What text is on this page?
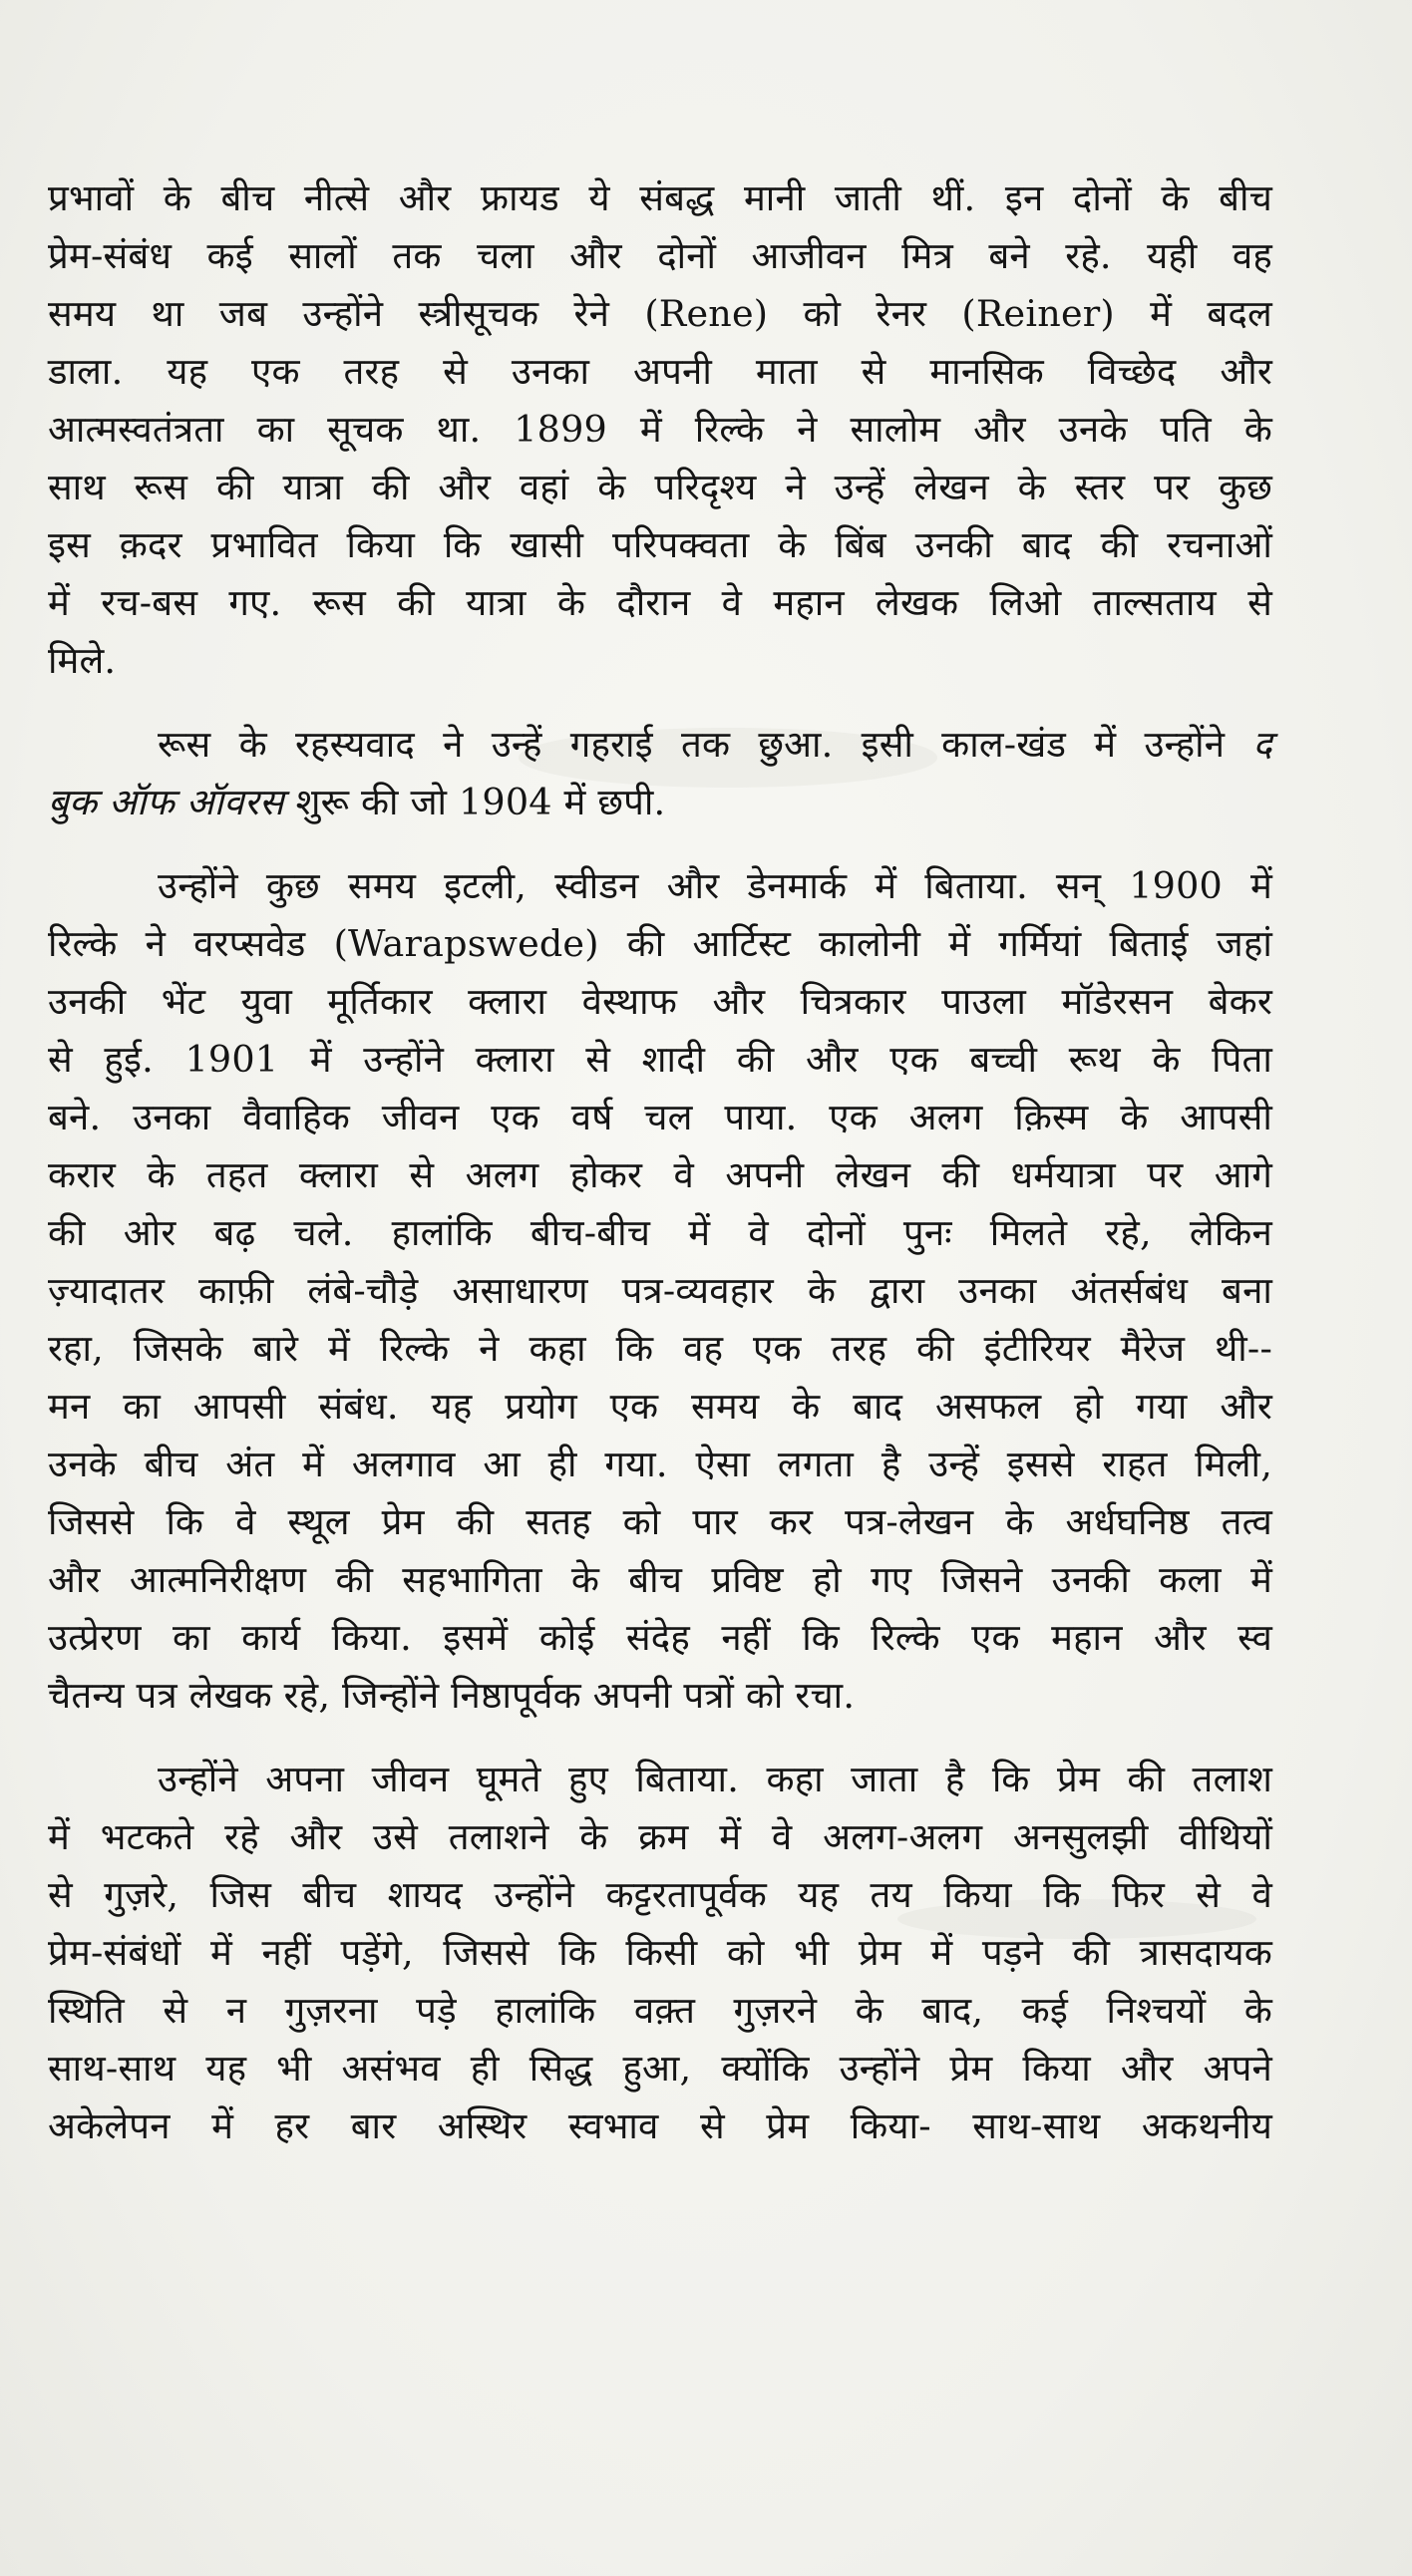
प्रभावों के बीच नीत्से और फ्रायड ये संबद्ध मानी जाती थीं. इन दोनों के बीच
प्रेम-संबंध कई सालों तक चला और दोनों आजीवन मित्र बने रहे. यही वह
समय था जब उन्होंने स्त्रीसूचक रेने (Rene) को रेनर (Reiner) में बदल
डाला. यह एक तरह से उनका अपनी माता से मानसिक विच्छेद और
आत्मस्वतंत्रता का सूचक था. 1899 में रिल्के ने सालोम और उनके पति के
साथ रूस की यात्रा की और वहां के परिदृश्य ने उन्हें लेखन के स्तर पर कुछ
इस क़दर प्रभावित किया कि खासी परिपक्वता के बिंब उनकी बाद की रचनाओं
में रच-बस गए. रूस की यात्रा के दौरान वे महान लेखक लिओ ताल्सताय से
मिले.

रूस के रहस्यवाद ने उन्हें गहराई तक छुआ. इसी काल-खंड में उन्होंने द
बुक ऑफ ऑवरस शुरू की जो 1904 में छपी.

उन्होंने कुछ समय इटली, स्वीडन और डेनमार्क में बिताया. सन् 1900 में
रिल्के ने वरप्सवेड (Warapswede) की आर्टिस्ट कालोनी में गर्मियां बिताई जहां
उनकी भेंट युवा मूर्तिकार क्लारा वेस्थाफ और चित्रकार पाउला मॉडेरसन बेकर
से हुई. 1901 में उन्होंने क्लारा से शादी की और एक बच्ची रूथ के पिता
बने. उनका वैवाहिक जीवन एक वर्ष चल पाया. एक अलग क़िस्म के आपसी
करार के तहत क्लारा से अलग होकर वे अपनी लेखन की धर्मयात्रा पर आगे
की ओर बढ़ चले. हालांकि बीच-बीच में वे दोनों पुनः मिलते रहे, लेकिन
ज़्यादातर काफ़ी लंबे-चौड़े असाधारण पत्र-व्यवहार के द्वारा उनका अंतर्सबंध बना
रहा, जिसके बारे में रिल्के ने कहा कि वह एक तरह की इंटीरियर मैरेज थी--
मन का आपसी संबंध. यह प्रयोग एक समय के बाद असफल हो गया और
उनके बीच अंत में अलगाव आ ही गया. ऐसा लगता है उन्हें इससे राहत मिली,
जिससे कि वे स्थूल प्रेम की सतह को पार कर पत्र-लेखन के अर्धघनिष्ठ तत्व
और आत्मनिरीक्षण की सहभागिता के बीच प्रविष्ट हो गए जिसने उनकी कला में
उत्प्रेरण का कार्य किया. इसमें कोई संदेह नहीं कि रिल्के एक महान और स्व
चैतन्य पत्र लेखक रहे, जिन्होंने निष्ठापूर्वक अपनी पत्रों को रचा.

उन्होंने अपना जीवन घूमते हुए बिताया. कहा जाता है कि प्रेम की तलाश
में भटकते रहे और उसे तलाशने के क्रम में वे अलग-अलग अनसुलझी वीथियों
से गुज़रे, जिस बीच शायद उन्होंने कट्टरतापूर्वक यह तय किया कि फिर से वे
प्रेम-संबंधों में नहीं पड़ेंगे, जिससे कि किसी को भी प्रेम में पड़ने की त्रासदायक
स्थिति से न गुज़रना पड़े हालांकि वक़्त गुज़रने के बाद, कई निश्चयों के
साथ-साथ यह भी असंभव ही सिद्ध हुआ, क्योंकि उन्होंने प्रेम किया और अपने
अकेलेपन में हर बार अस्थिर स्वभाव से प्रेम किया- साथ-साथ अकथनीय
